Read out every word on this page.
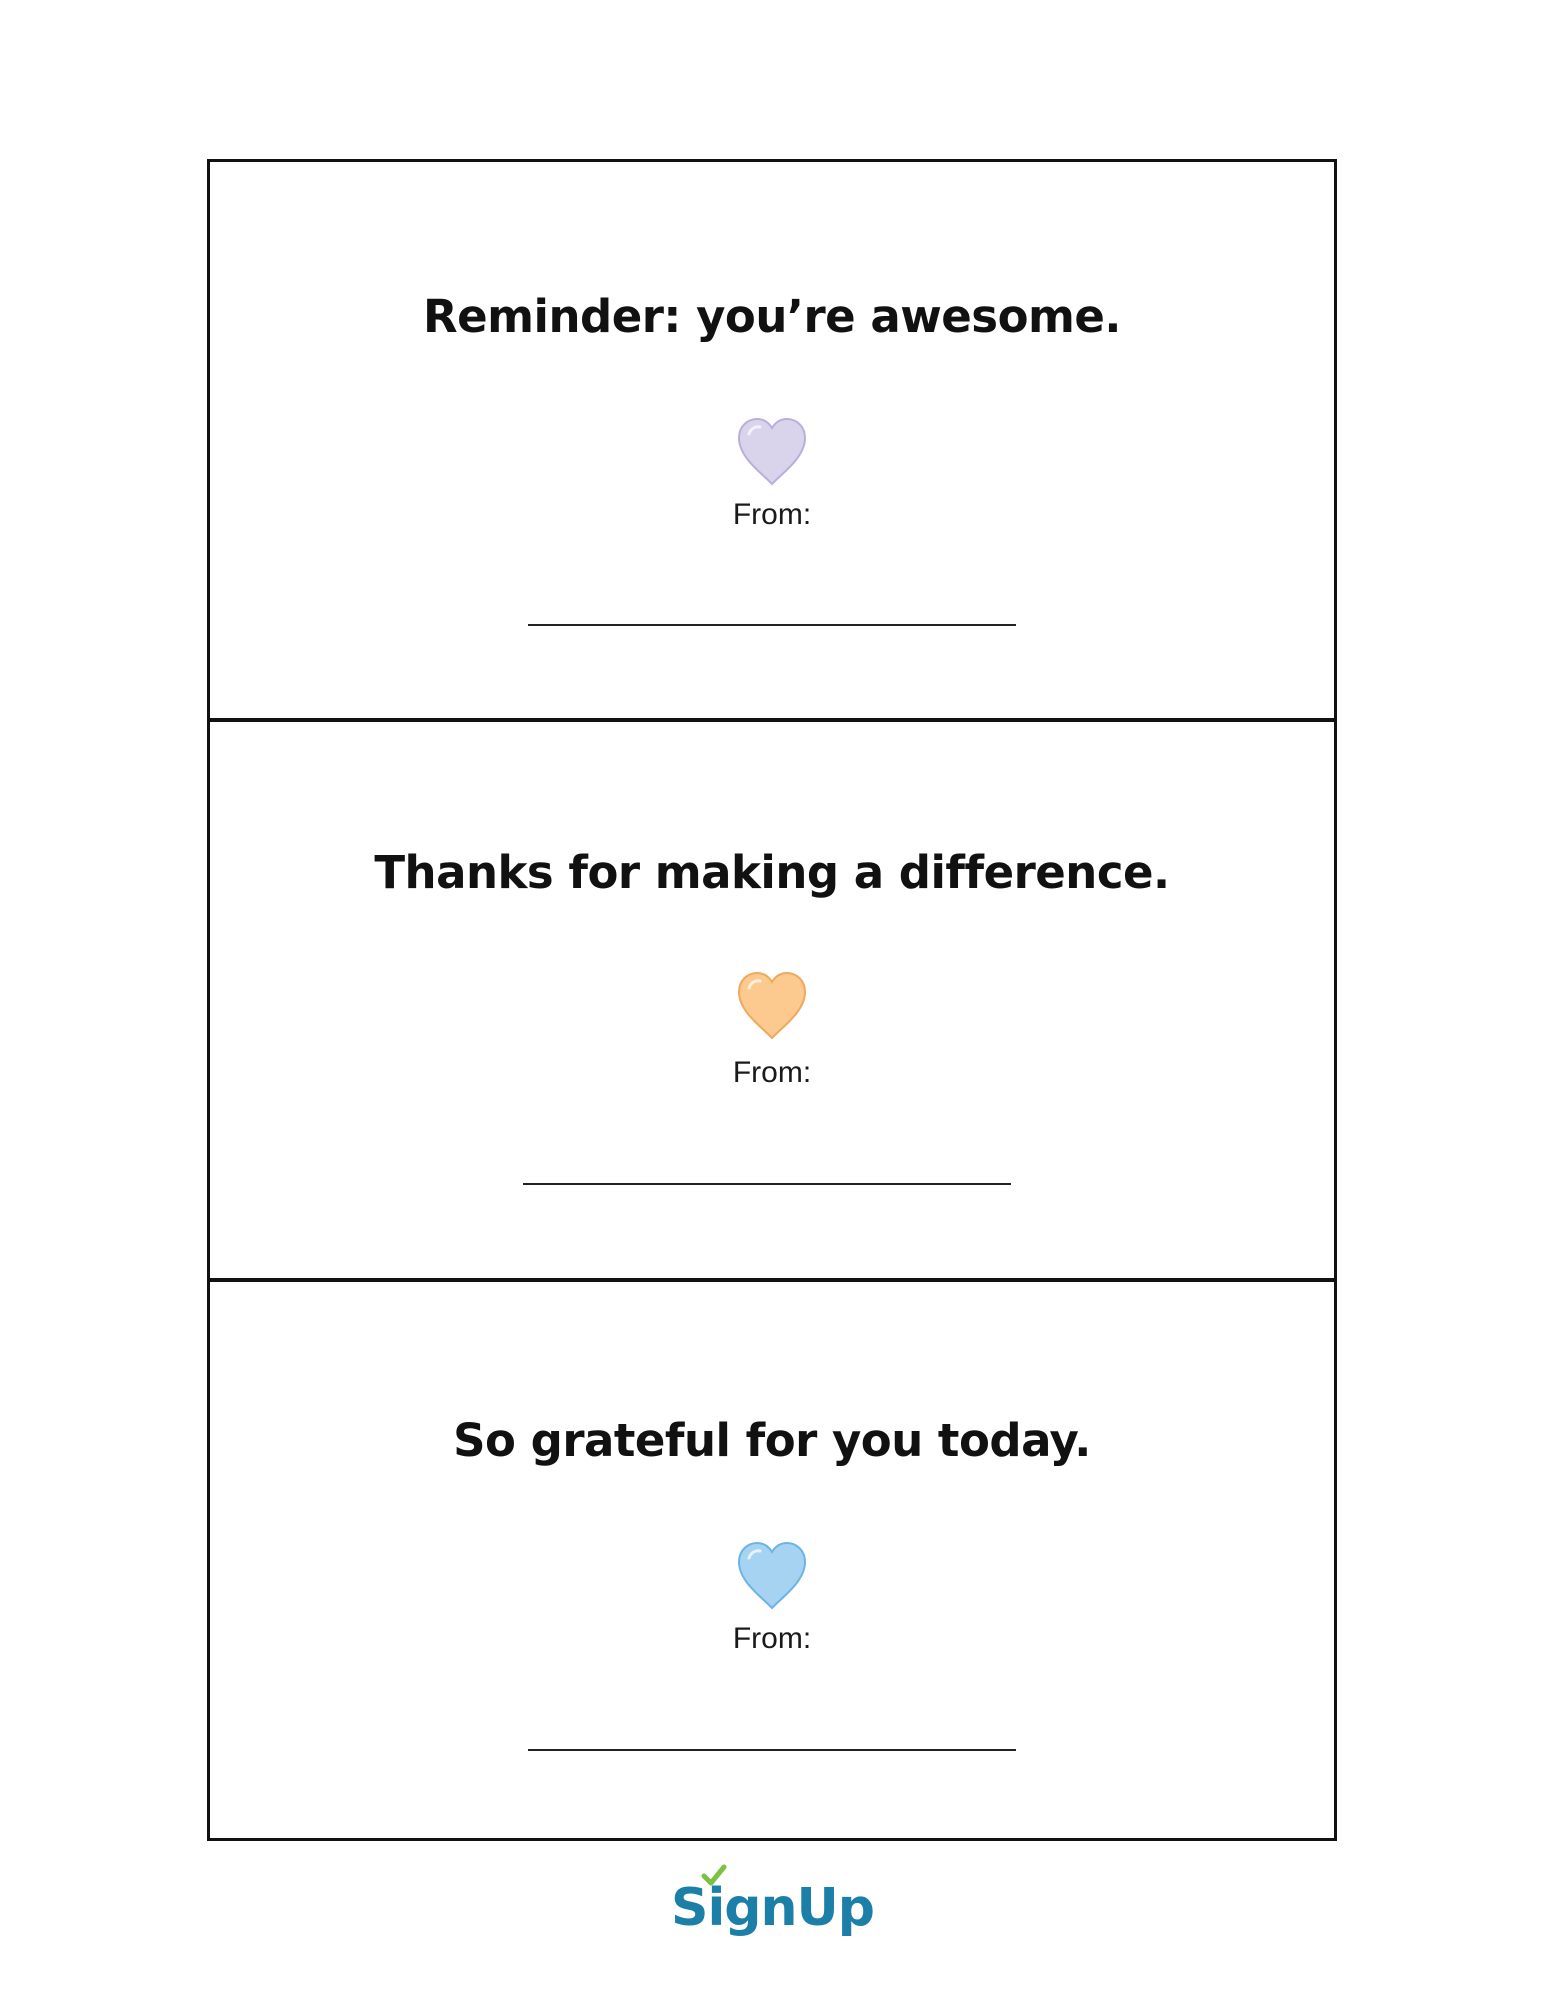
Reminder: you’re awesome.
From:
Thanks for making a difference.
From:
So grateful for you today.
From:
SignUp
